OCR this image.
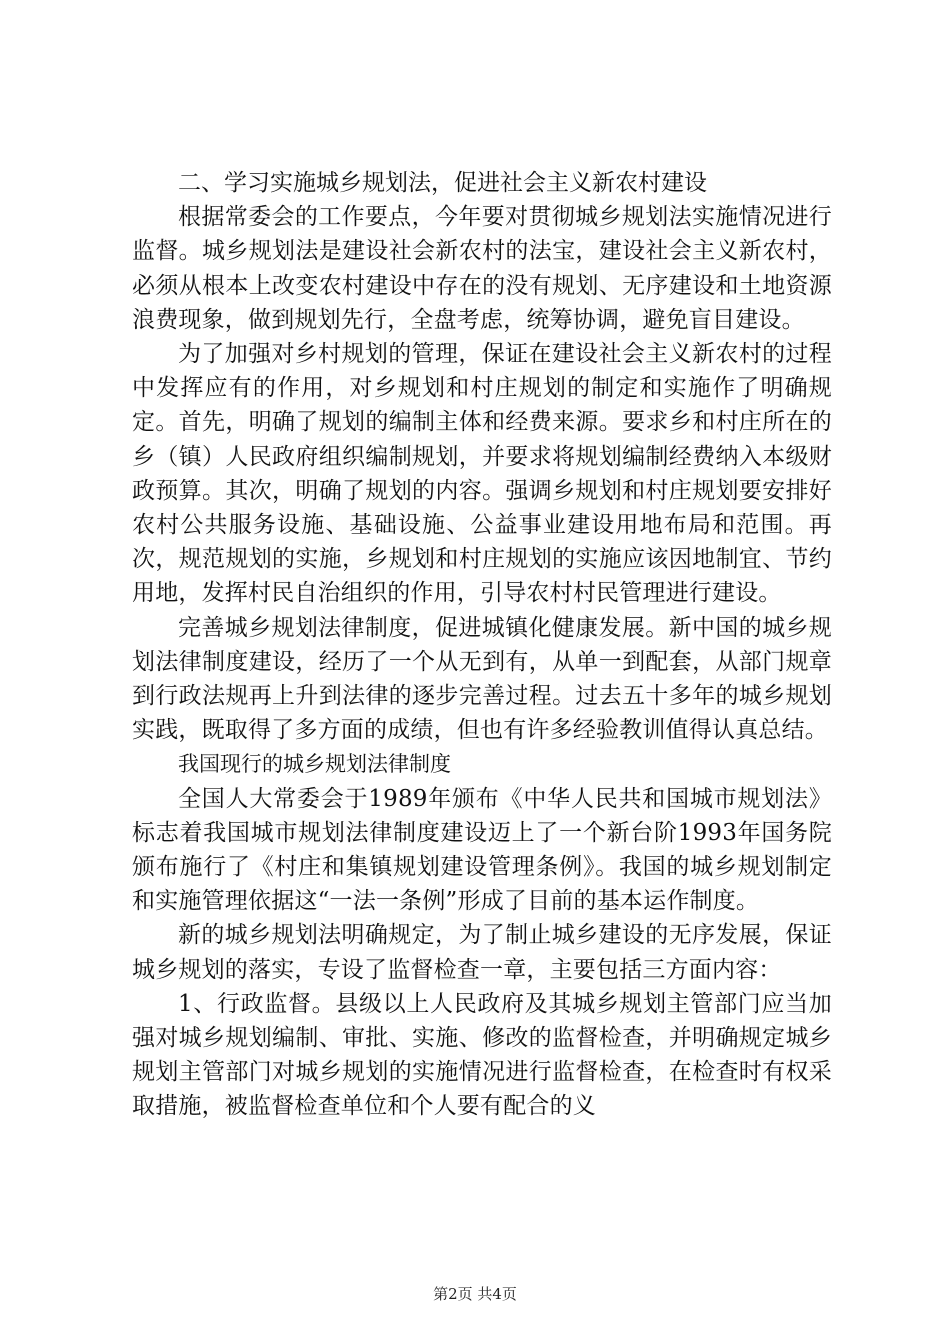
二、学习实施城乡规划法，促进社会主义新农村建设

根据常委会的工作要点，今年要对贯彻城乡规划法实施情况进行监督。城乡规划法是建设社会新农村的法宝，建设社会主义新农村，必须从根本上改变农村建设中存在的没有规划、无序建设和土地资源浪费现象，做到规划先行，全盘考虑，统筹协调，避免盲目建设。

为了加强对乡村规划的管理，保证在建设社会主义新农村的过程中发挥应有的作用，对乡规划和村庄规划的制定和实施作了明确规定。首先，明确了规划的编制主体和经费来源。要求乡和村庄所在的乡（镇）人民政府组织编制规划，并要求将规划编制经费纳入本级财政预算。其次，明确了规划的内容。强调乡规划和村庄规划要安排好农村公共服务设施、基础设施、公益事业建设用地布局和范围。再次，规范规划的实施，乡规划和村庄规划的实施应该因地制宜、节约用地，发挥村民自治组织的作用，引导农村村民管理进行建设。

完善城乡规划法律制度，促进城镇化健康发展。新中国的城乡规划法律制度建设，经历了一个从无到有，从单一到配套，从部门规章到行政法规再上升到法律的逐步完善过程。过去五十多年的城乡规划实践，既取得了多方面的成绩，但也有许多经验教训值得认真总结。

我国现行的城乡规划法律制度

全国人大常委会于1989年颁布《中华人民共和国城市规划法》标志着我国城市规划法律制度建设迈上了一个新台阶1993年国务院颁布施行了《村庄和集镇规划建设管理条例》。我国的城乡规划制定和实施管理依据这“一法一条例”形成了目前的基本运作制度。

新的城乡规划法明确规定，为了制止城乡建设的无序发展，保证城乡规划的落实，专设了监督检查一章，主要包括三方面内容：

1、行政监督。县级以上人民政府及其城乡规划主管部门应当加强对城乡规划编制、审批、实施、修改的监督检查，并明确规定城乡规划主管部门对城乡规划的实施情况进行监督检查，在检查时有权采取措施，被监督检查单位和个人要有配合的义

第2页 共4页
